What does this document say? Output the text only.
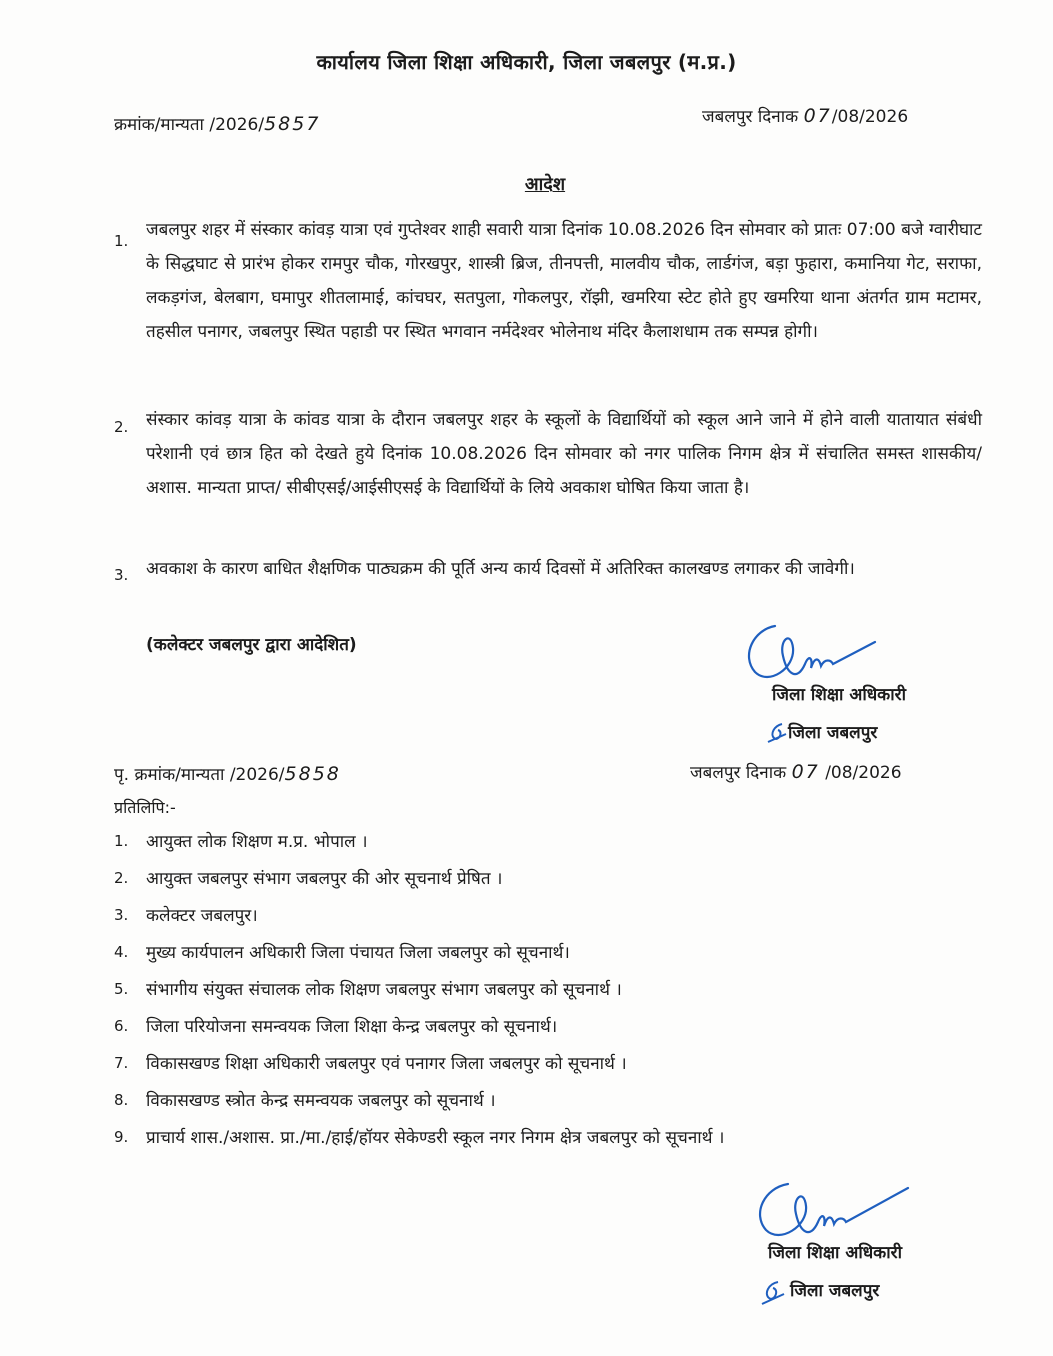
कार्यालय जिला शिक्षा अधिकारी, जिला जबलपुर (म.प्र.)
क्रमांक/मान्यता /2026/5857	जबलपुर दिनाक 07/08/2026
आदेश
1.
जबलपुर शहर में संस्कार कांवड़ यात्रा एवं गुप्तेश्वर शाही सवारी यात्रा दिनांक 10.08.2026 दिन सोमवार को प्रातः 07:00 बजे ग्वारीघाट के सिद्धघाट से प्रारंभ होकर रामपुर चौक, गोरखपुर, शास्त्री ब्रिज, तीनपत्ती, मालवीय चौक, लार्डगंज, बड़ा फुहारा, कमानिया गेट, सराफा, लकड़गंज, बेलबाग, घमापुर शीतलामाई, कांचघर, सतपुला, गोकलपुर, रॉझी, खमरिया स्टेट होते हुए खमरिया थाना अंतर्गत ग्राम मटामर, तहसील पनागर, जबलपुर स्थित पहाडी पर स्थित भगवान नर्मदेश्वर भोलेनाथ मंदिर कैलाशधाम तक सम्पन्न होगी।
2. संस्कार कांवड़ यात्रा के कांवड यात्रा के दौरान जबलपुर शहर के स्कूलों के विद्यार्थियों को स्कूल आने जाने में होने वाली यातायात संबंधी परेशानी एवं छात्र हित को देखते हुये दिनांक 10.08.2026 दिन सोमवार को नगर पालिक निगम क्षेत्र में संचालित समस्त शासकीय/अशास. मान्यता प्राप्त/ सीबीएसई/आईसीएसई के विद्यार्थियों के लिये अवकाश घोषित किया जाता है।
3. अवकाश के कारण बाधित शैक्षणिक पाठ्यक्रम की पूर्ति अन्य कार्य दिवसों में अतिरिक्त कालखण्ड लगाकर की जावेगी।
(कलेक्टर जबलपुर द्वारा आदेशित)
जिला शिक्षा अधिकारी
जिला जबलपुर
पृ. क्रमांक/मान्यता /2026/5858	जबलपुर दिनाक 07 /08/2026
प्रतिलिपि:-
1.	आयुक्त लोक शिक्षण म.प्र. भोपाल ।
2.	आयुक्त जबलपुर संभाग जबलपुर की ओर सूचनार्थ प्रेषित ।
3.	कलेक्टर जबलपुर।
4.	मुख्य कार्यपालन अधिकारी जिला पंचायत जिला जबलपुर को सूचनार्थ।
5.	संभागीय संयुक्त संचालक लोक शिक्षण जबलपुर संभाग जबलपुर को सूचनार्थ ।
6.	जिला परियोजना समन्वयक जिला शिक्षा केन्द्र जबलपुर को सूचनार्थ।
7.	विकासखण्ड शिक्षा अधिकारी जबलपुर एवं पनागर जिला जबलपुर को सूचनार्थ ।
8.	विकासखण्ड स्त्रोत केन्द्र समन्वयक जबलपुर को सूचनार्थ ।
9.	प्राचार्य शास./अशास. प्रा./मा./हाई/हॉयर सेकेण्डरी स्कूल नगर निगम क्षेत्र जबलपुर को सूचनार्थ ।
जिला शिक्षा अधिकारी
जिला जबलपुर
